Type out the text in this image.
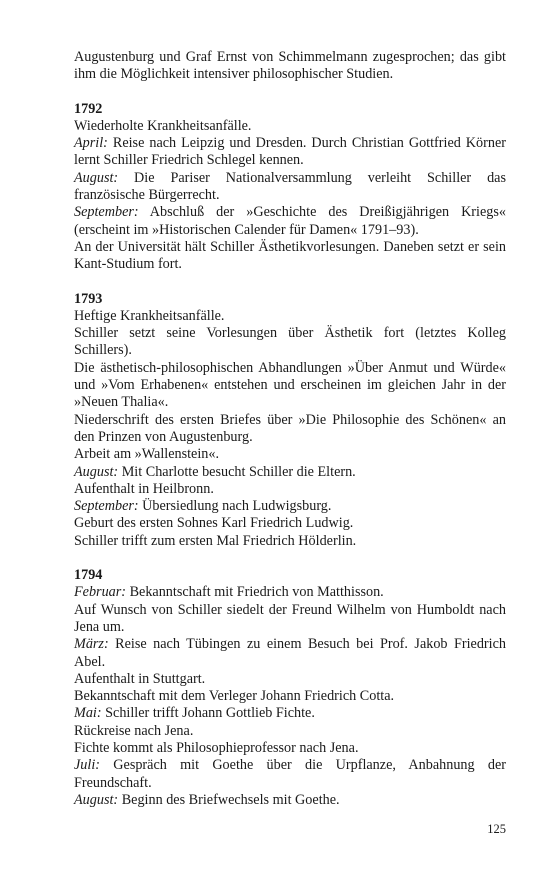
Augustenburg und Graf Ernst von Schimmelmann zugesprochen; das gibt ihm die Möglichkeit intensiver philosophischer Studien.

1792

Wiederholte Krankheitsanfälle.

April: Reise nach Leipzig und Dresden. Durch Christian Gottfried Körner lernt Schiller Friedrich Schlegel kennen.

August: Die Pariser Nationalversammlung verleiht Schiller das französische Bürgerrecht.

September: Abschluß der »Geschichte des Dreißigjährigen Kriegs« (erscheint im »Historischen Calender für Damen« 1791–93).

An der Universität hält Schiller Ästhetikvorlesungen. Daneben setzt er sein Kant-Studium fort.

1793

Heftige Krankheitsanfälle.

Schiller setzt seine Vorlesungen über Ästhetik fort (letztes Kolleg Schillers).

Die ästhetisch-philosophischen Abhandlungen »Über Anmut und Würde« und »Vom Erhabenen« entstehen und erscheinen im gleichen Jahr in der »Neuen Thalia«.

Niederschrift des ersten Briefes über »Die Philosophie des Schönen« an den Prinzen von Augustenburg.

Arbeit am »Wallenstein«.

August: Mit Charlotte besucht Schiller die Eltern.

Aufenthalt in Heilbronn.

September: Übersiedlung nach Ludwigsburg.

Geburt des ersten Sohnes Karl Friedrich Ludwig.

Schiller trifft zum ersten Mal Friedrich Hölderlin.

1794

Februar: Bekanntschaft mit Friedrich von Matthisson.

Auf Wunsch von Schiller siedelt der Freund Wilhelm von Humboldt nach Jena um.

März: Reise nach Tübingen zu einem Besuch bei Prof. Jakob Friedrich Abel.

Aufenthalt in Stuttgart.

Bekanntschaft mit dem Verleger Johann Friedrich Cotta.

Mai: Schiller trifft Johann Gottlieb Fichte.

Rückreise nach Jena.

Fichte kommt als Philosophieprofessor nach Jena.

Juli: Gespräch mit Goethe über die Urpflanze, Anbahnung der Freundschaft.

August: Beginn des Briefwechsels mit Goethe.

125
